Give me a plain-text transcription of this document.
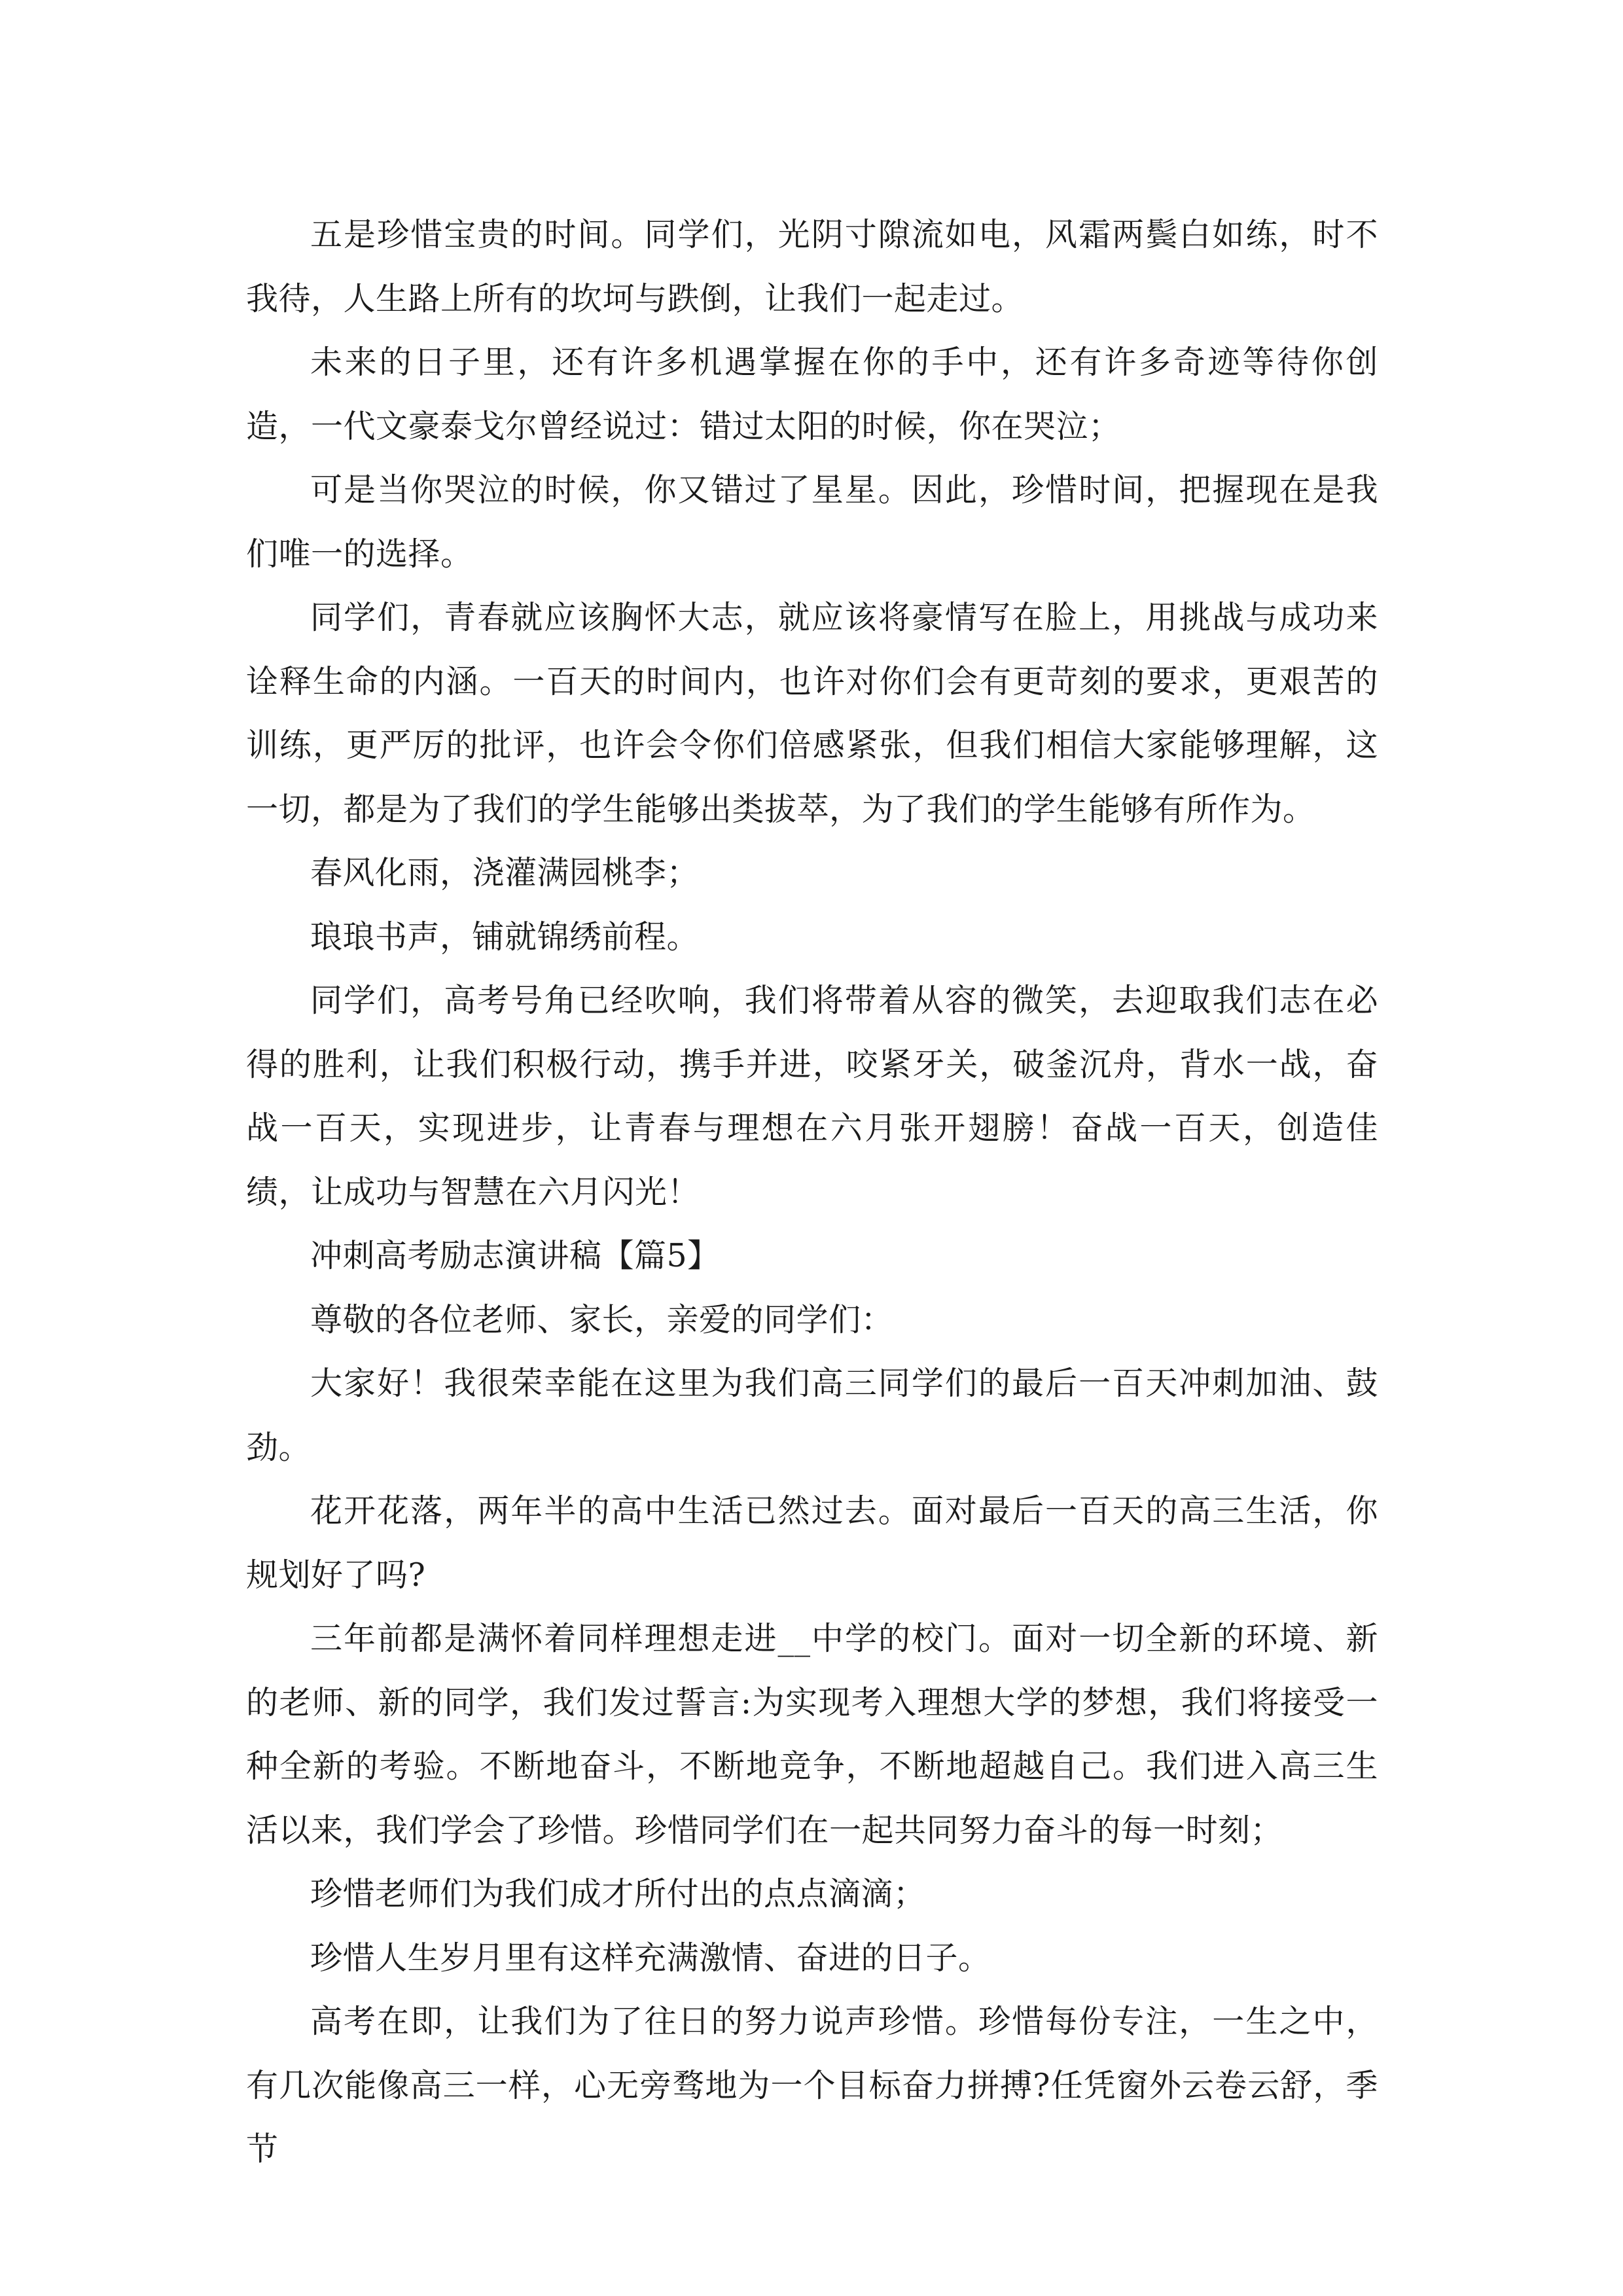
五是珍惜宝贵的时间。同学们，光阴寸隙流如电，风霜两鬓白如练，时不我待，人生路上所有的坎坷与跌倒，让我们一起走过。

未来的日子里，还有许多机遇掌握在你的手中，还有许多奇迹等待你创造，一代文豪泰戈尔曾经说过：错过太阳的时候，你在哭泣；

可是当你哭泣的时候，你又错过了星星。因此，珍惜时间，把握现在是我们唯一的选择。

同学们，青春就应该胸怀大志，就应该将豪情写在脸上，用挑战与成功来诠释生命的内涵。一百天的时间内，也许对你们会有更苛刻的要求，更艰苦的训练，更严厉的批评，也许会令你们倍感紧张，但我们相信大家能够理解，这一切，都是为了我们的学生能够出类拔萃，为了我们的学生能够有所作为。

春风化雨，浇灌满园桃李；

琅琅书声，铺就锦绣前程。

同学们，高考号角已经吹响，我们将带着从容的微笑，去迎取我们志在必得的胜利，让我们积极行动，携手并进，咬紧牙关，破釜沉舟，背水一战，奋战一百天，实现进步，让青春与理想在六月张开翅膀！奋战一百天，创造佳绩，让成功与智慧在六月闪光！

冲刺高考励志演讲稿【篇5】

尊敬的各位老师、家长，亲爱的同学们：

大家好！我很荣幸能在这里为我们高三同学们的最后一百天冲刺加油、鼓劲。

花开花落，两年半的高中生活已然过去。面对最后一百天的高三生活，你规划好了吗?

三年前都是满怀着同样理想走进__中学的校门。面对一切全新的环境、新的老师、新的同学，我们发过誓言:为实现考入理想大学的梦想，我们将接受一种全新的考验。不断地奋斗，不断地竞争，不断地超越自己。我们进入高三生活以来，我们学会了珍惜。珍惜同学们在一起共同努力奋斗的每一时刻；

珍惜老师们为我们成才所付出的点点滴滴；

珍惜人生岁月里有这样充满激情、奋进的日子。

高考在即，让我们为了往日的努力说声珍惜。珍惜每份专注，一生之中，有几次能像高三一样，心无旁骛地为一个目标奋力拼搏?任凭窗外云卷云舒，季节
